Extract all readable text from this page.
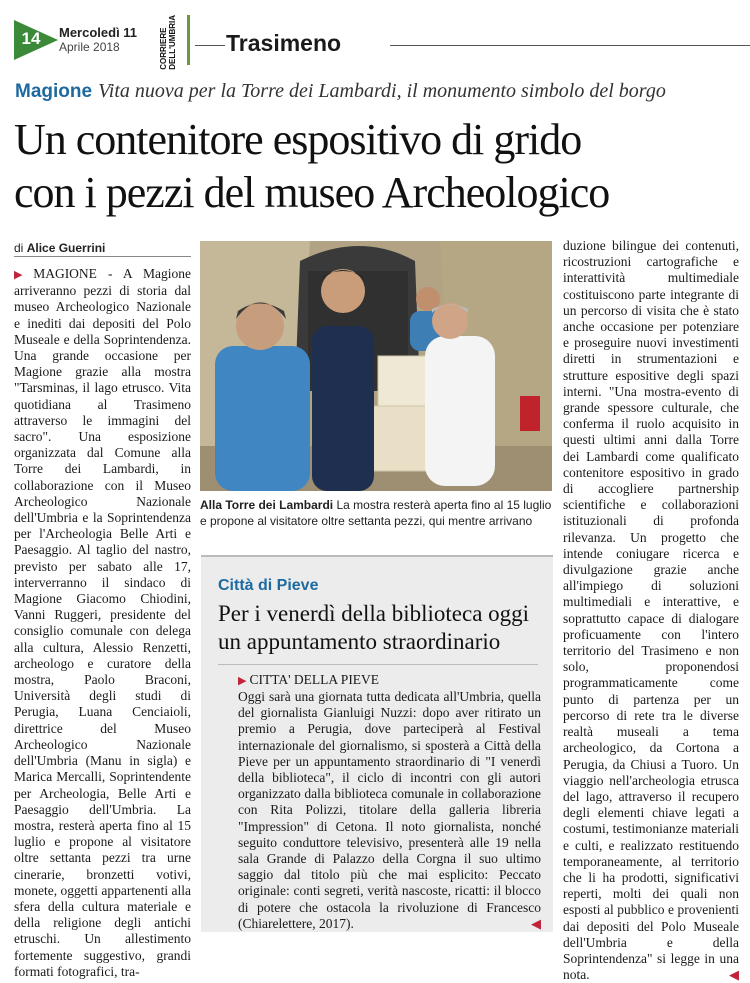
14	Mercoledì 11
Aprile 2018	CORRIERE DELL'UMBRIA Trasimeno
Magione Vita nuova per la Torre dei Lambardi, il monumento simbolo del borgo
Un contenitore espositivo di grido
con i pezzi del museo Archeologico
di Alice Guerrini
▶ MAGIONE - A Magione arriveranno pezzi di storia dal museo Archeologico Nazionale e inediti dai depositi del Polo Museale e della Soprintendenza. Una grande occasione per Magione grazie alla mostra "Tarsminas, il lago etrusco. Vita quotidiana al Trasimeno attraverso le immagini del sacro". Una esposizione organizzata dal Comune alla Torre dei Lambardi, in collaborazione con il Museo Archeologico Nazionale dell'Umbria e la Soprintendenza per l'Archeologia Belle Arti e Paesaggio. Al taglio del nastro, previsto per sabato alle 17, interverranno il sindaco di Magione Giacomo Chiodini, Vanni Ruggeri, presidente del consiglio comunale con delega alla cultura, Alessio Renzetti, archeologo e curatore della mostra, Paolo Braconi, Università degli studi di Perugia, Luana Cenciaioli, direttrice del Museo Archeologico Nazionale dell'Umbria (Manu in sigla) e Marica Mercalli, Soprintendente per Archeologia, Belle Arti e Paesaggio dell'Umbria. La mostra, resterà aperta fino al 15 luglio e propone al visitatore oltre settanta pezzi tra urne cinerarie, bronzetti votivi, monete, oggetti appartenenti alla sfera della cultura materiale e della religione degli antichi etruschi. Un allestimento fortemente suggestivo, grandi formati fotografici, tra-
Alla Torre dei Lambardi La mostra resterà aperta fino al 15 luglio e propone al visitatore oltre settanta pezzi, qui mentre arrivano
Città di Pieve
Per i venerdì della biblioteca oggi un appuntamento straordinario
▶ CITTA' DELLA PIEVE
Oggi sarà una giornata tutta dedicata all'Umbria, quella del giornalista Gianluigi Nuzzi: dopo aver ritirato un premio a Perugia, dove parteciperà al Festival internazionale del giornalismo, si sposterà a Città della Pieve per un appuntamento straordinario di "I venerdì della biblioteca", il ciclo di incontri con gli autori organizzato dalla biblioteca comunale in collaborazione con Rita Polizzi, titolare della galleria libreria "Impression" di Cetona. Il noto giornalista, nonché seguito conduttore televisivo, presenterà alle 19 nella sala Grande di Palazzo della Corgna il suo ultimo saggio dal titolo più che mai esplicito: Peccato originale: conti segreti, verità nascoste, ricatti: il blocco di potere che ostacola la rivoluzione di Francesco (Chiarelettere, 2017).	◀
duzione bilingue dei contenuti, ricostruzioni cartografiche e interattività multimediale costituiscono parte integrante di un percorso di visita che è stato anche occasione per potenziare e proseguire nuovi investimenti diretti in strumentazioni e strutture espositive degli spazi interni. "Una mostra-evento di grande spessore culturale, che conferma il ruolo acquisito in questi ultimi anni dalla Torre dei Lambardi come qualificato contenitore espositivo in grado di accogliere partnership scientifiche e collaborazioni istituzionali di profonda rilevanza. Un progetto che intende coniugare ricerca e divulgazione grazie anche all'impiego di soluzioni multimediali e interattive, e soprattutto capace di dialogare proficuamente con l'intero territorio del Trasimeno e non solo, proponendosi programmaticamente come punto di partenza per un percorso di rete tra le diverse realtà museali a tema archeologico, da Cortona a Perugia, da Chiusi a Tuoro. Un viaggio nell'archeologia etrusca del lago, attraverso il recupero degli elementi chiave legati a costumi, testimonianze materiali e culti, e realizzato restituendo temporaneamente, al territorio che li ha prodotti, significativi reperti, molti dei quali non esposti al pubblico e provenienti dai depositi del Polo Museale dell'Umbria e della Soprintendenza" si legge in una nota.	◀
